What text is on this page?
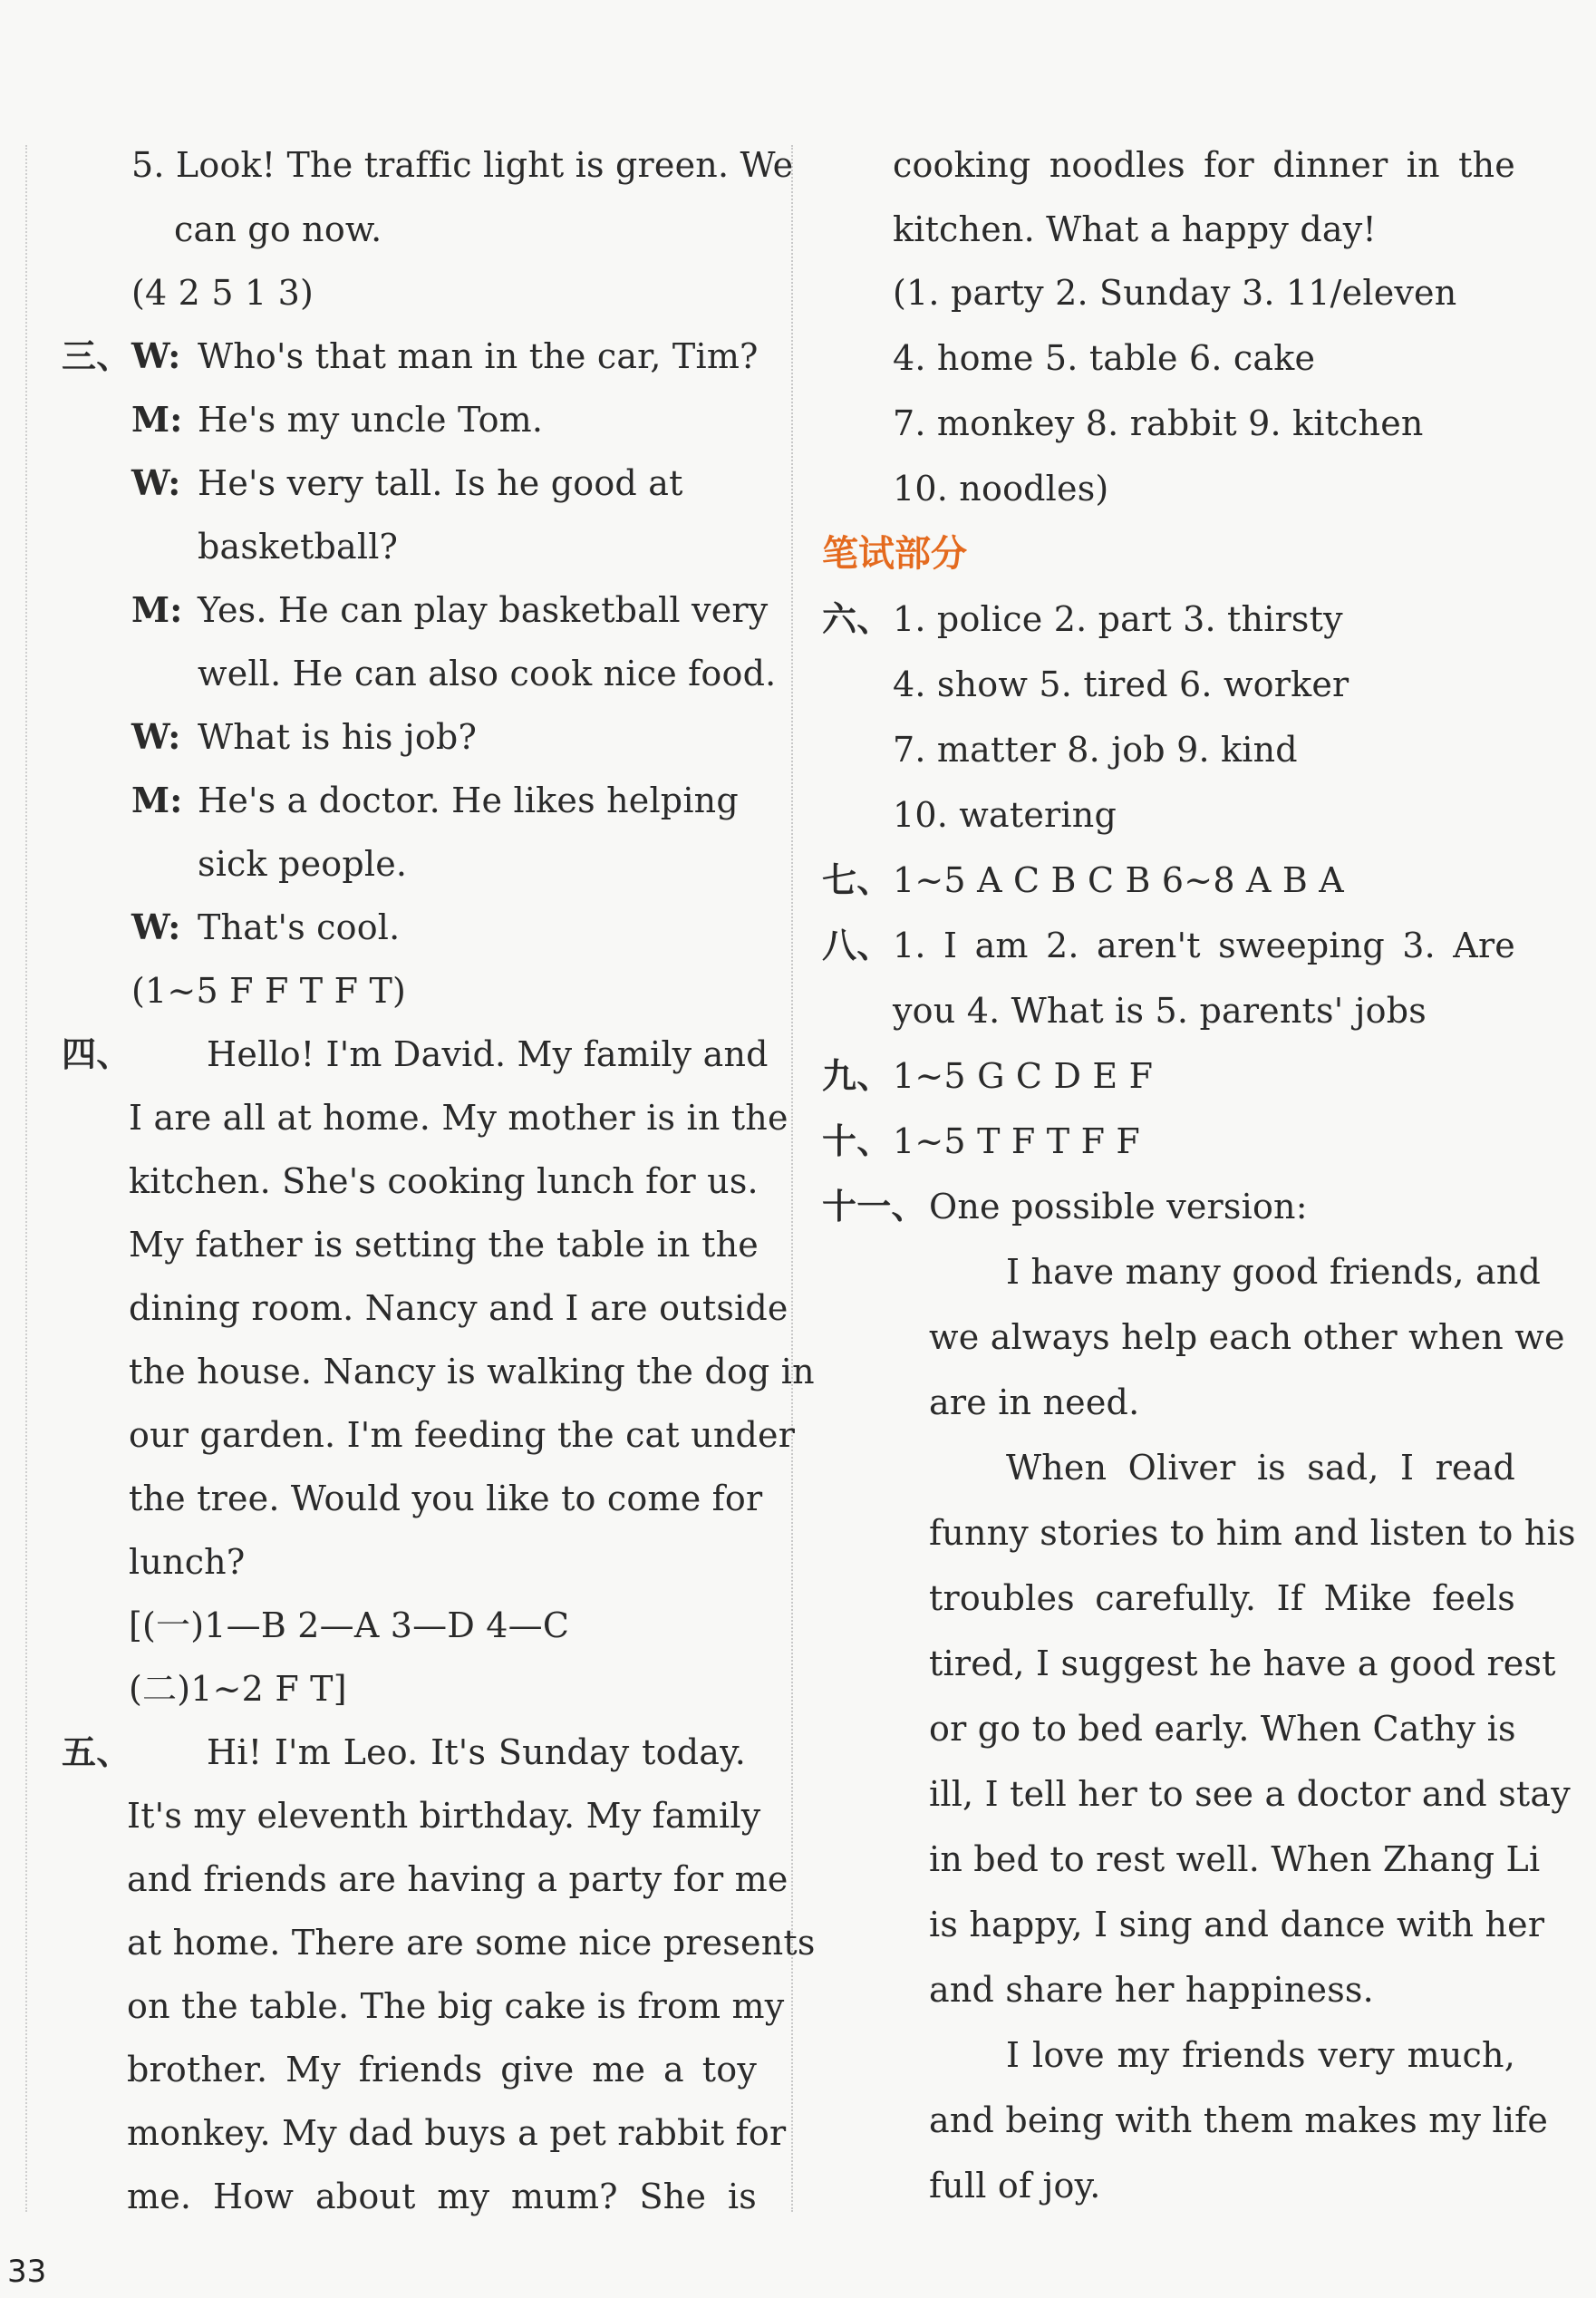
5. Look! The traffic light is green. We
can go now.
(4 2 5 1 3)
三、 W: Who's that man in the car, Tim?
M: He's my uncle Tom.
W: He's very tall. Is he good at
basketball?
M: Yes. He can play basketball very
well. He can also cook nice food.
W: What is his job?
M: He's a doctor. He likes helping
sick people.
W: That's cool.
(1~5 F F T F T)
四、 Hello! I'm David. My family and
I are all at home. My mother is in the
kitchen. She's cooking lunch for us.
My father is setting the table in the
dining room. Nancy and I are outside
the house. Nancy is walking the dog in
our garden. I'm feeding the cat under
the tree. Would you like to come for
lunch?
[(一)1—B 2—A 3—D 4—C
(二)1~2 F T]
五、 Hi! I'm Leo. It's Sunday today.
It's my eleventh birthday. My family
and friends are having a party for me
at home. There are some nice presents
on the table. The big cake is from my
brother. My friends give me a toy
monkey. My dad buys a pet rabbit for
me. How about my mum? She is
cooking noodles for dinner in the
kitchen. What a happy day!
(1. party 2. Sunday 3. 11/eleven
4. home 5. table 6. cake
7. monkey 8. rabbit 9. kitchen
10. noodles)
笔试部分
六、 1. police 2. part 3. thirsty
4. show 5. tired 6. worker
7. matter 8. job 9. kind
10. watering
七、 1~5 A C B C B 6~8 A B A
八、 1. I am 2. aren't sweeping 3. Are
you 4. What is 5. parents' jobs
九、 1~5 G C D E F
十、 1~5 T F T F F
十一、 One possible version:
I have many good friends, and
we always help each other when we
are in need.
When Oliver is sad, I read
funny stories to him and listen to his
troubles carefully. If Mike feels
tired, I suggest he have a good rest
or go to bed early. When Cathy is
ill, I tell her to see a doctor and stay
in bed to rest well. When Zhang Li
is happy, I sing and dance with her
and share her happiness.
I love my friends very much,
and being with them makes my life
full of joy.
33
